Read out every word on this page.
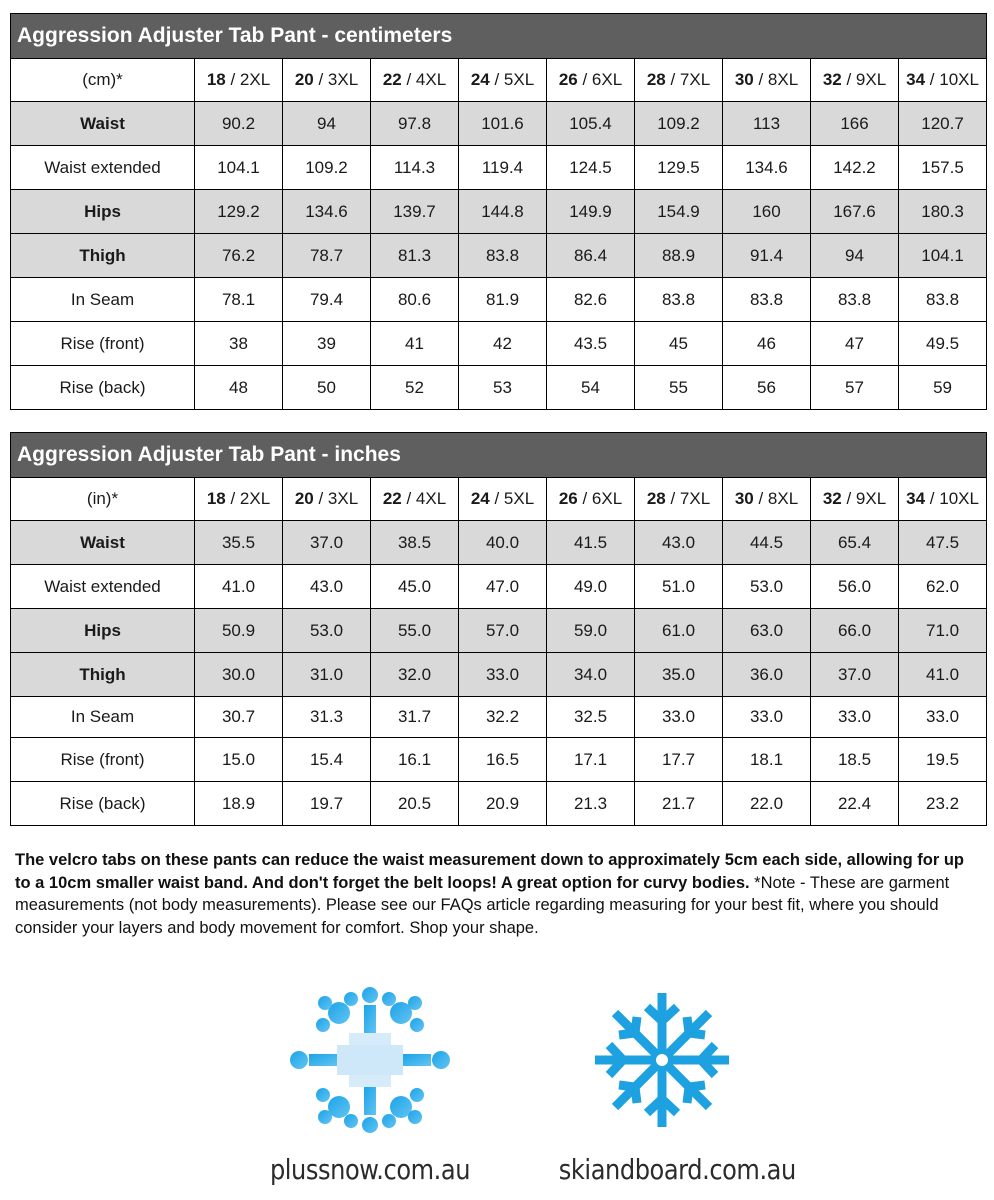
Aggression Adjuster Tab Pant - centimeters									
(cm)*	18 / 2XL	20 / 3XL	22 / 4XL	24 / 5XL	26 / 6XL	28 / 7XL	30 / 8XL	32 / 9XL	34 / 10XL
Waist	90.2	94	97.8	101.6	105.4	109.2	113	166	120.7
Waist extended	104.1	109.2	114.3	119.4	124.5	129.5	134.6	142.2	157.5
Hips	129.2	134.6	139.7	144.8	149.9	154.9	160	167.6	180.3
Thigh	76.2	78.7	81.3	83.8	86.4	88.9	91.4	94	104.1
In Seam	78.1	79.4	80.6	81.9	82.6	83.8	83.8	83.8	83.8
Rise (front)	38	39	41	42	43.5	45	46	47	49.5
Rise (back)	48	50	52	53	54	55	56	57	59
Aggression Adjuster Tab Pant - inches									
(in)*	18 / 2XL	20 / 3XL	22 / 4XL	24 / 5XL	26 / 6XL	28 / 7XL	30 / 8XL	32 / 9XL	34 / 10XL
Waist	35.5	37.0	38.5	40.0	41.5	43.0	44.5	65.4	47.5
Waist extended	41.0	43.0	45.0	47.0	49.0	51.0	53.0	56.0	62.0
Hips	50.9	53.0	55.0	57.0	59.0	61.0	63.0	66.0	71.0
Thigh	30.0	31.0	32.0	33.0	34.0	35.0	36.0	37.0	41.0
In Seam	30.7	31.3	31.7	32.2	32.5	33.0	33.0	33.0	33.0
Rise (front)	15.0	15.4	16.1	16.5	17.1	17.7	18.1	18.5	19.5
Rise (back)	18.9	19.7	20.5	20.9	21.3	21.7	22.0	22.4	23.2
The velcro tabs on these pants can reduce the waist measurement down to approximately 5cm each side, allowing for up to a 10cm smaller waist band. And don't forget the belt loops! A great option for curvy bodies. *Note - These are garment measurements (not body measurements). Please see our FAQs article regarding measuring for your best fit, where you should consider your layers and body movement for comfort. Shop your shape.
plussnow.com.au	skiandboard.com.au
